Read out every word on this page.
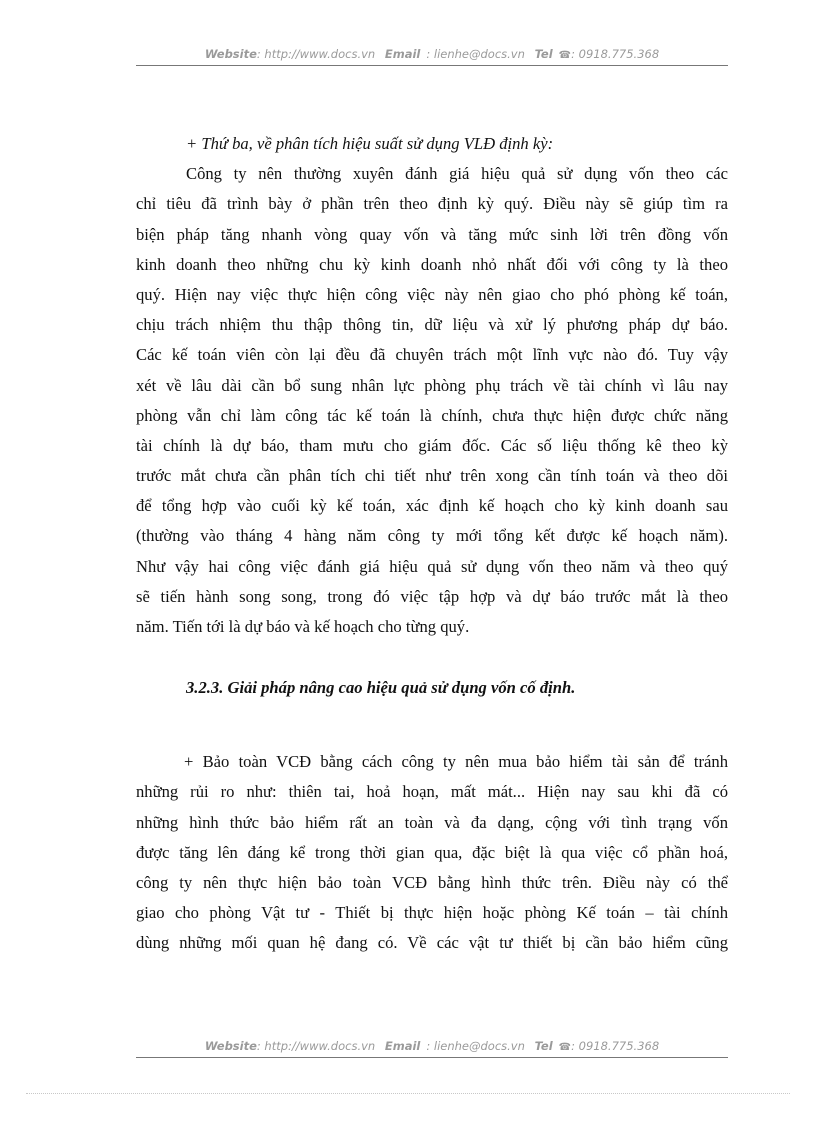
Website: http://www.docs.vn Email : lienhe@docs.vn Tel ☎: 0918.775.368
+ Thứ ba, về phân tích hiệu suất sử dụng VLĐ định kỳ:
Công ty nên thường xuyên đánh giá hiệu quả sử dụng vốn theo các
chỉ tiêu đã trình bày ở phần trên theo định kỳ quý. Điều này sẽ giúp tìm ra
biện pháp tăng nhanh vòng quay vốn và tăng mức sinh lời trên đồng vốn
kinh doanh theo những chu kỳ kinh doanh nhỏ nhất đối với công ty là theo
quý. Hiện nay việc thực hiện công việc này nên giao cho phó phòng kế toán,
chịu trách nhiệm thu thập thông tin, dữ liệu và xử lý phương pháp dự báo.
Các kế toán viên còn lại đều đã chuyên trách một lĩnh vực nào đó. Tuy vậy
xét về lâu dài cần bổ sung nhân lực phòng phụ trách về tài chính vì lâu nay
phòng vẫn chỉ làm công tác kế toán là chính, chưa thực hiện được chức năng
tài chính là dự báo, tham mưu cho giám đốc. Các số liệu thống kê theo kỳ
trước mắt chưa cần phân tích chi tiết như trên xong cần tính toán và theo dõi
để tổng hợp vào cuối kỳ kế toán, xác định kế hoạch cho kỳ kinh doanh sau
(thường vào tháng 4 hàng năm công ty mới tổng kết được kế hoạch năm).
Như vậy hai công việc đánh giá hiệu quả sử dụng vốn theo năm và theo quý
sẽ tiến hành song song, trong đó việc tập hợp và dự báo trước mắt là theo
năm. Tiến tới là dự báo và kế hoạch cho từng quý.
3.2.3. Giải pháp nâng cao hiệu quả sử dụng vốn cố định.
+ Bảo toàn VCĐ bằng cách công ty nên mua bảo hiểm tài sản để tránh
những rủi ro như: thiên tai, hoả hoạn, mất mát... Hiện nay sau khi đã có
những hình thức bảo hiểm rất an toàn và đa dạng, cộng với tình trạng vốn
được tăng lên đáng kể trong thời gian qua, đặc biệt là qua việc cổ phần hoá,
công ty nên thực hiện bảo toàn VCĐ bằng hình thức trên. Điều này có thể
giao cho phòng Vật tư - Thiết bị thực hiện hoặc phòng Kế toán – tài chính
dùng những mối quan hệ đang có. Về các vật tư thiết bị cần bảo hiểm cũng
Website: http://www.docs.vn Email : lienhe@docs.vn Tel ☎: 0918.775.368
